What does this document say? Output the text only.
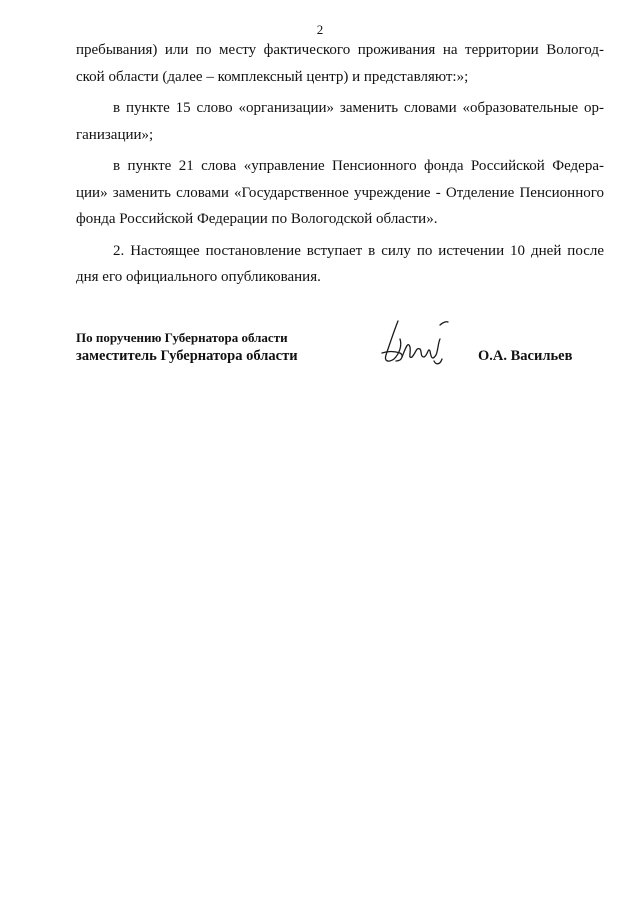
2
пребывания) или по месту фактического проживания на территории Вологод-
ской области (далее – комплексный центр) и представляют:»;
в пункте 15 слово «организации» заменить словами «образовательные ор-
ганизации»;
в пункте 21 слова «управление Пенсионного фонда Российской Федера-
ции» заменить словами «Государственное учреждение - Отделение Пенсионного
фонда Российской Федерации по Вологодской области».
2. Настоящее постановление вступает в силу по истечении 10 дней после
дня его официального опубликования.
По поручению Губернатора области
заместитель Губернатора области	О.А. Васильев
